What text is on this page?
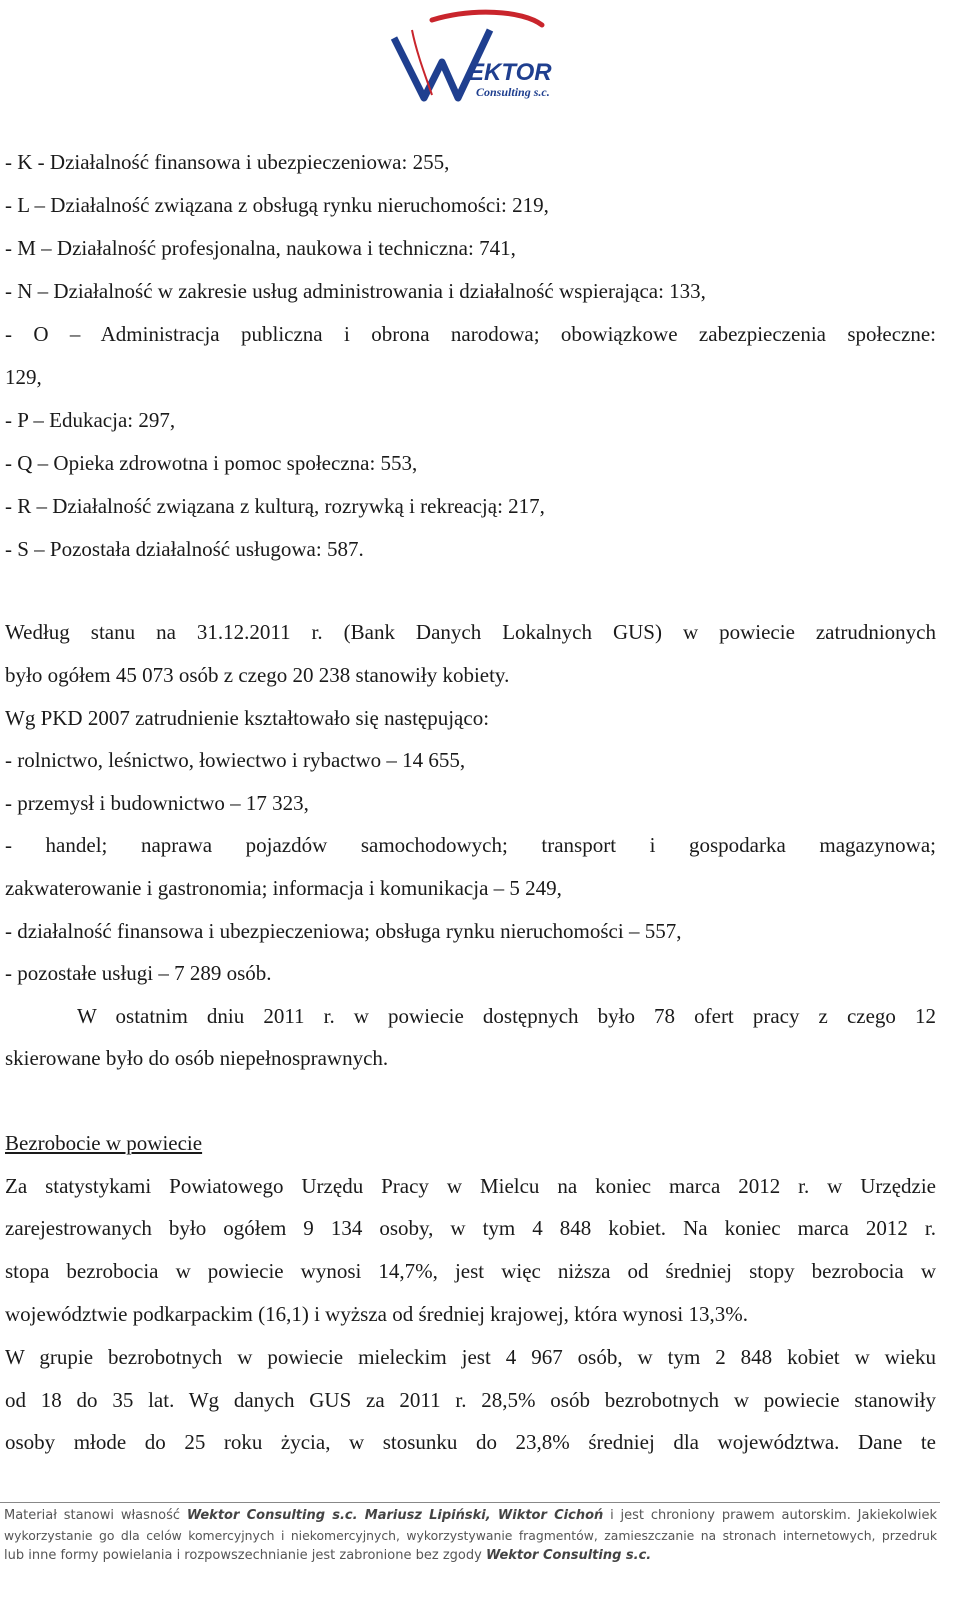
EKTOR
Consulting s.c.
- K - Działalność finansowa i ubezpieczeniowa: 255,
- L – Działalność związana z obsługą rynku nieruchomości: 219,
- M – Działalność profesjonalna, naukowa i techniczna: 741,
- N – Działalność w zakresie usług administrowania i działalność wspierająca: 133,
- O – Administracja publiczna i obrona narodowa; obowiązkowe zabezpieczenia społeczne:
129,
- P – Edukacja: 297,
- Q – Opieka zdrowotna i pomoc społeczna: 553,
- R – Działalność związana z kulturą, rozrywką i rekreacją: 217,
- S – Pozostała działalność usługowa: 587.
Według stanu na 31.12.2011 r. (Bank Danych Lokalnych GUS) w powiecie zatrudnionych
było ogółem 45 073 osób z czego 20 238 stanowiły kobiety.
Wg PKD 2007 zatrudnienie kształtowało się następująco:
- rolnictwo, leśnictwo, łowiectwo i rybactwo – 14 655,
- przemysł i budownictwo – 17 323,
- handel; naprawa pojazdów samochodowych; transport i gospodarka magazynowa;
zakwaterowanie i gastronomia; informacja i komunikacja – 5 249,
- działalność finansowa i ubezpieczeniowa; obsługa rynku nieruchomości – 557,
- pozostałe usługi – 7 289 osób.
W ostatnim dniu 2011 r. w powiecie dostępnych było 78 ofert pracy z czego 12
skierowane było do osób niepełnosprawnych.
Bezrobocie w powiecie
Za statystykami Powiatowego Urzędu Pracy w Mielcu na koniec marca 2012 r. w Urzędzie
zarejestrowanych było ogółem 9 134 osoby, w tym 4 848 kobiet. Na koniec marca 2012 r.
stopa bezrobocia w powiecie wynosi 14,7%, jest więc niższa od średniej stopy bezrobocia w
województwie podkarpackim (16,1) i wyższa od średniej krajowej, która wynosi 13,3%.
W grupie bezrobotnych w powiecie mieleckim jest 4 967 osób, w tym 2 848 kobiet w wieku
od 18 do 35 lat. Wg danych GUS za 2011 r. 28,5% osób bezrobotnych w powiecie stanowiły
osoby młode do 25 roku życia, w stosunku do 23,8% średniej dla województwa. Dane te
Materiał stanowi własność Wektor Consulting s.c. Mariusz Lipiński, Wiktor Cichoń i jest chroniony prawem autorskim. Jakiekolwiek
wykorzystanie go dla celów komercyjnych i niekomercyjnych, wykorzystywanie fragmentów, zamieszczanie na stronach internetowych, przedruk
lub inne formy powielania i rozpowszechnianie jest zabronione bez zgody Wektor Consulting s.c.
